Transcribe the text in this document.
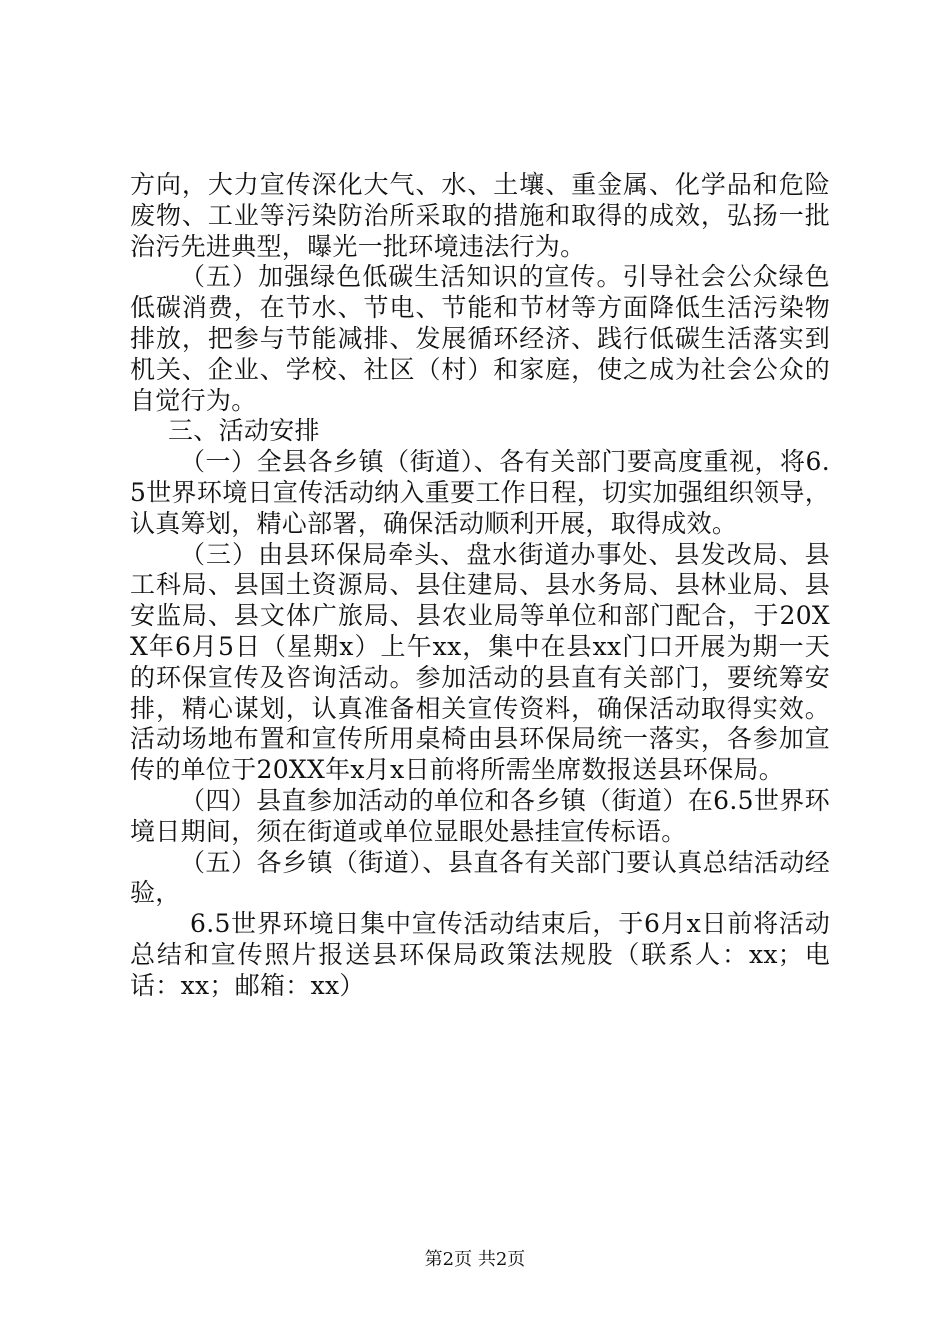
方向，大力宣传深化大气、水、土壤、重金属、化学品和危险废物、工业等污染防治所采取的措施和取得的成效，弘扬一批治污先进典型，曝光一批环境违法行为。

（五）加强绿色低碳生活知识的宣传。引导社会公众绿色低碳消费，在节水、节电、节能和节材等方面降低生活污染物排放，把参与节能减排、发展循环经济、践行低碳生活落实到机关、企业、学校、社区（村）和家庭，使之成为社会公众的自觉行为。

三、活动安排

（一）全县各乡镇（街道）、各有关部门要高度重视，将6.5世界环境日宣传活动纳入重要工作日程，切实加强组织领导，认真筹划，精心部署，确保活动顺利开展，取得成效。

（三）由县环保局牵头、盘水街道办事处、县发改局、县工科局、县国土资源局、县住建局、县水务局、县林业局、县安监局、县文体广旅局、县农业局等单位和部门配合，于20XX年6月5日（星期x）上午xx，集中在县xx门口开展为期一天的环保宣传及咨询活动。参加活动的县直有关部门，要统筹安排，精心谋划，认真准备相关宣传资料，确保活动取得实效。活动场地布置和宣传所用桌椅由县环保局统一落实，各参加宣传的单位于20XX年x月x日前将所需坐席数报送县环保局。

（四）县直参加活动的单位和各乡镇（街道）在6.5世界环境日期间，须在街道或单位显眼处悬挂宣传标语。

（五）各乡镇（街道）、县直各有关部门要认真总结活动经验，

6.5世界环境日集中宣传活动结束后，于6月x日前将活动总结和宣传照片报送县环保局政策法规股（联系人：xx；电话：xx；邮箱：xx）

第2页 共2页
